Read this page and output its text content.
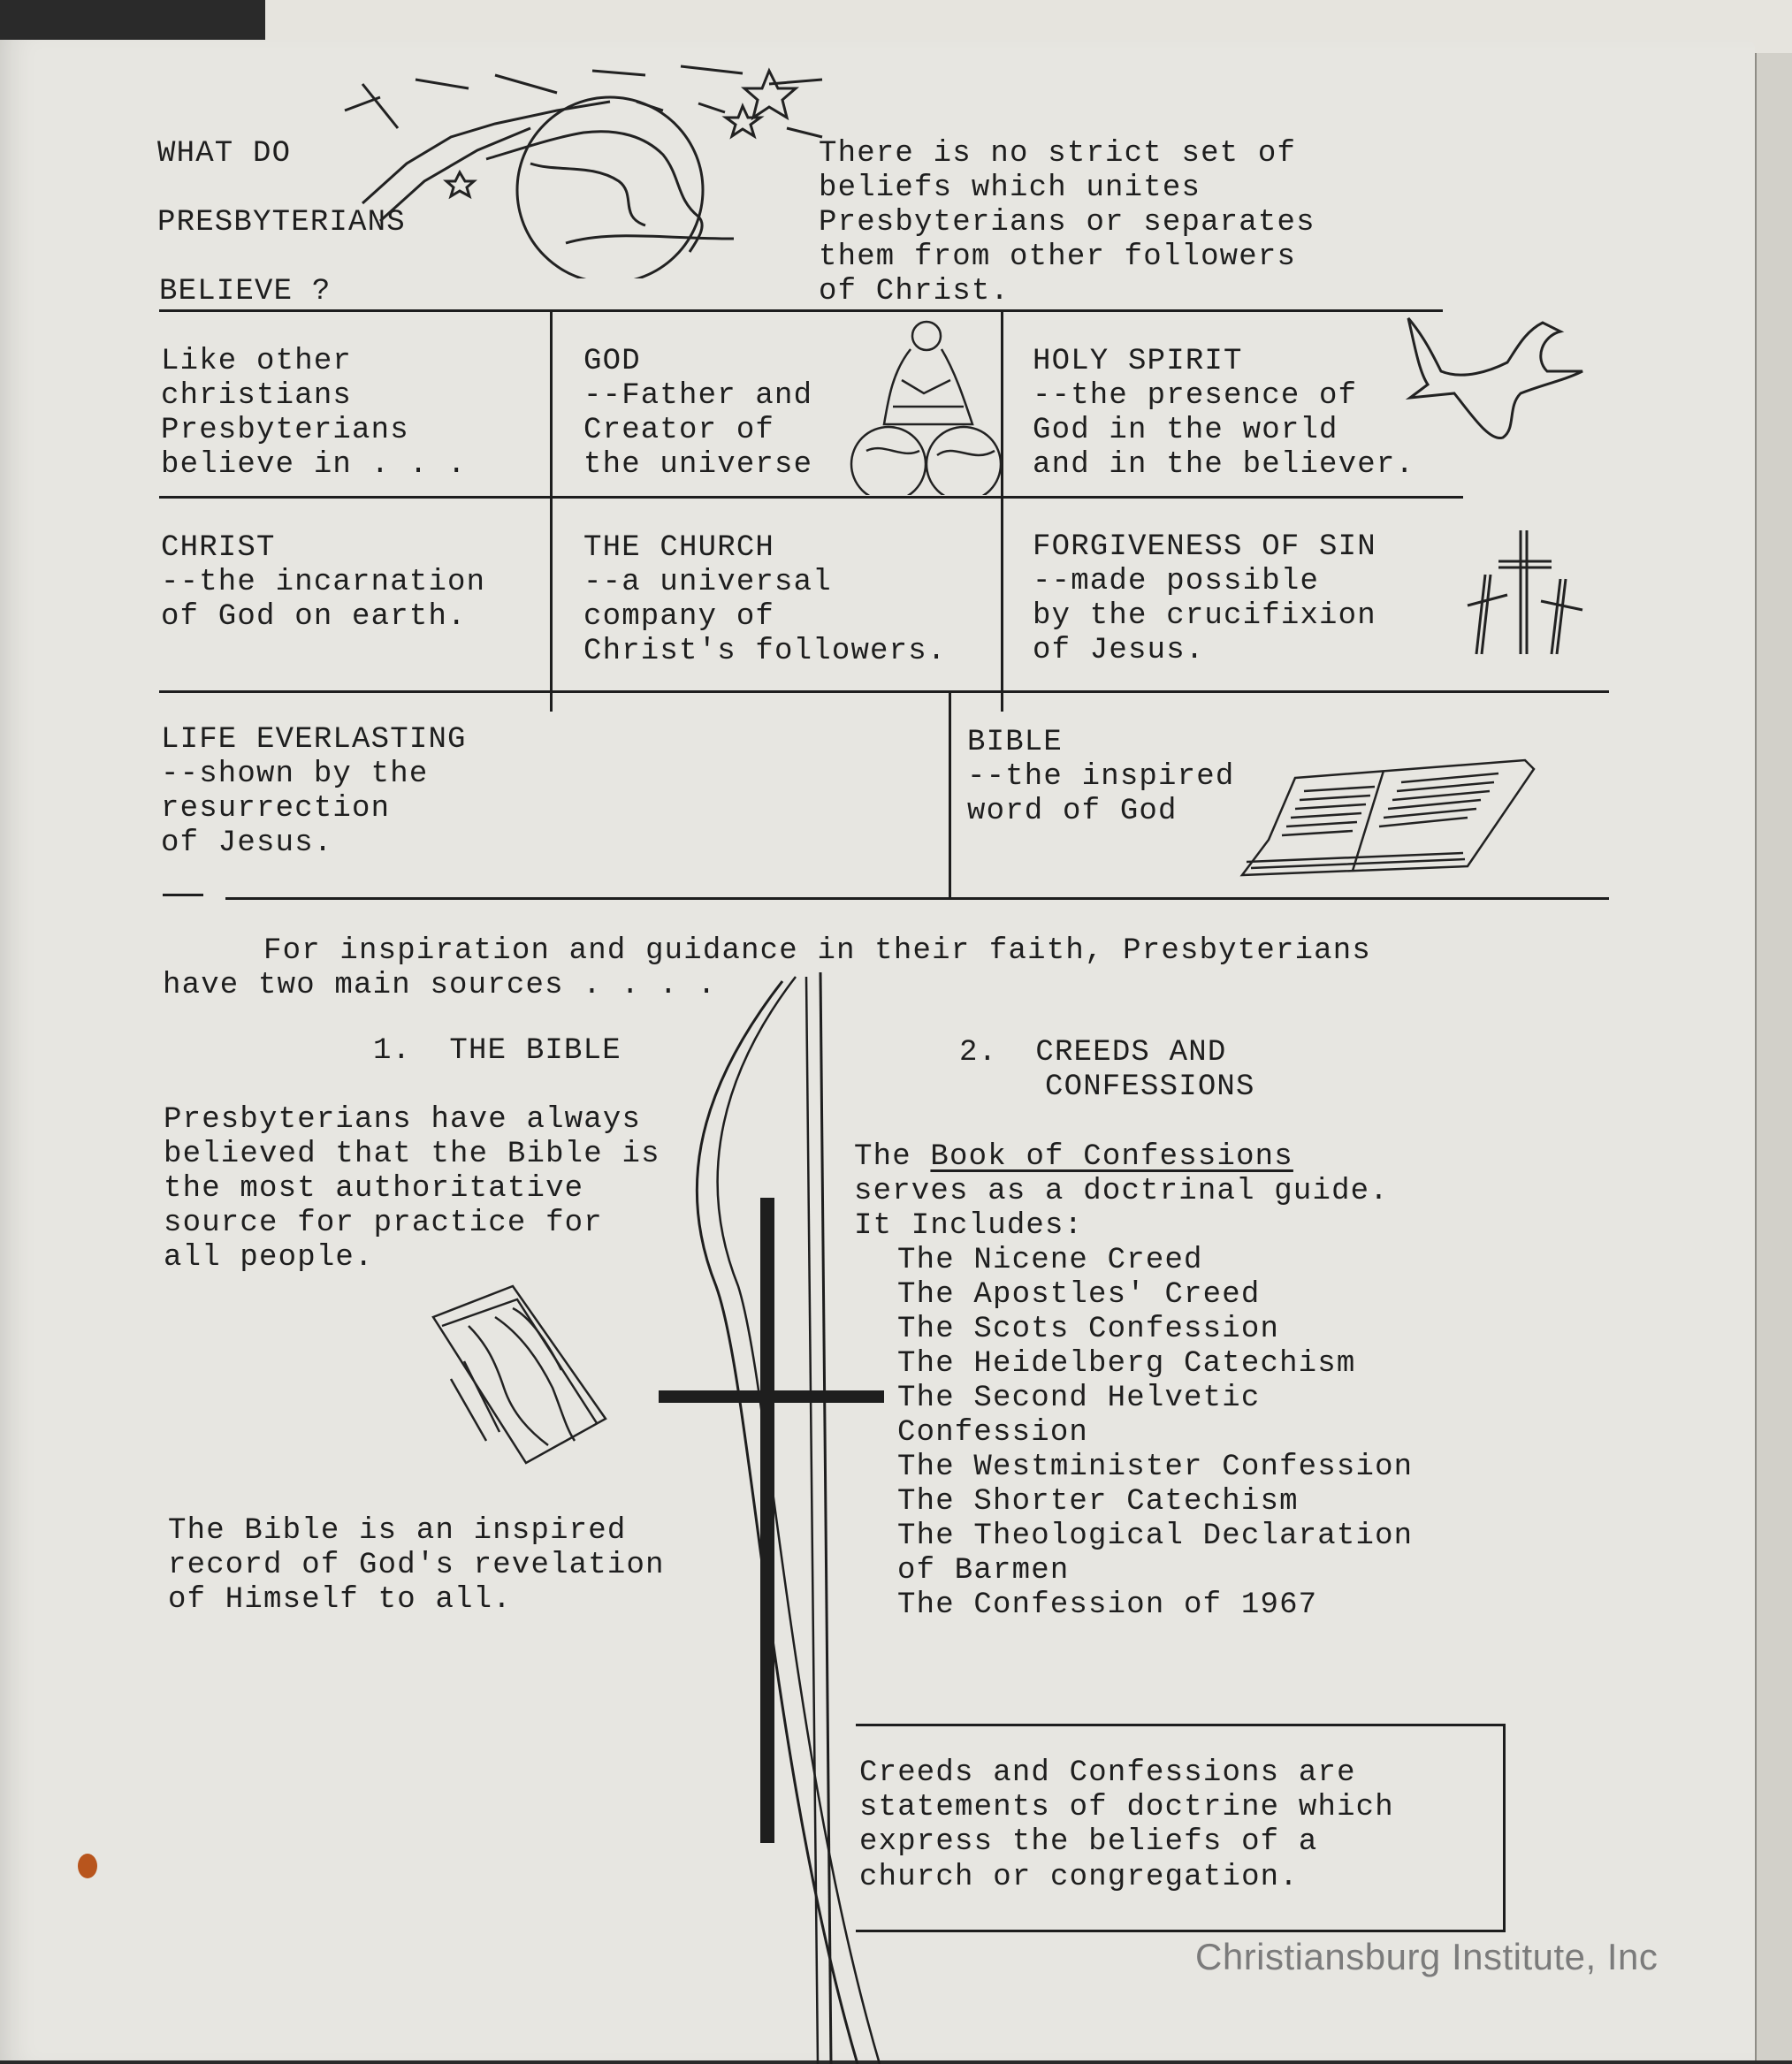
WHAT DO
PRESBYTERIANS
BELIEVE ?
There is no strict set of
beliefs which unites
Presbyterians or separates
them from other followers
of Christ.
Like other
christians
Presbyterians
believe in . . .
GOD
--Father and
Creator of
the universe
HOLY SPIRIT
--the presence of
God in the world
and in the believer.
CHRIST
--the incarnation
of God on earth.
THE CHURCH
--a universal
company of
Christ's followers.
FORGIVENESS OF SIN
--made possible
by the crucifixion
of Jesus.
LIFE EVERLASTING
--shown by the
resurrection
of Jesus.
BIBLE
--the inspired
word of God
For inspiration and guidance in their faith, Presbyterians
have two main sources . . . .
1.  THE BIBLE
Presbyterians have always
believed that the Bible is
the most authoritative
source for practice for
all people.
The Bible is an inspired
record of God's revelation
of Himself to all.
2.  CREEDS AND
CONFESSIONS
The Book of Confessions
serves as a doctrinal guide.
It Includes:
The Nicene Creed
The Apostles' Creed
The Scots Confession
The Heidelberg Catechism
The Second Helvetic
Confession
The Westminister Confession
The Shorter Catechism
The Theological Declaration
of Barmen
The Confession of 1967
Creeds and Confessions are
statements of doctrine which
express the beliefs of a
church or congregation.
Christiansburg Institute, Inc
